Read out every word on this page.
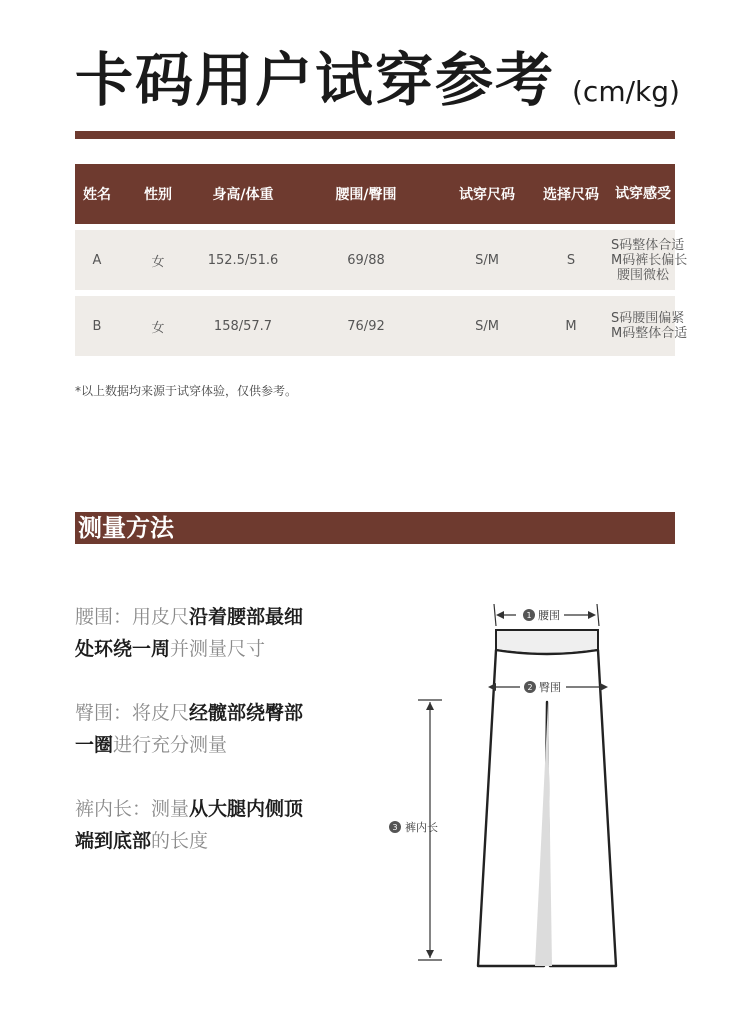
卡码用户试穿参考 (cm/kg)
姓名	性别	身高/体重	腰围/臀围	试穿尺码	选择尺码	试穿感受
A	女	152.5/51.6	69/88	S/M	S
S码整体合适
M码裤长偏长
腰围微松
B	女	158/57.7	76/92	S/M	M	S码腰围偏紧
M码整体合适
*以上数据均来源于试穿体验，仅供参考。
测量方法
腰围：用皮尺沿着腰部最细
处环绕一周并测量尺寸
臀围：将皮尺经髋部绕臀部
一圈进行充分测量
裤内长：测量从大腿内侧顶
端到底部的长度
1 腰围
2 臀围
3 裤内长
